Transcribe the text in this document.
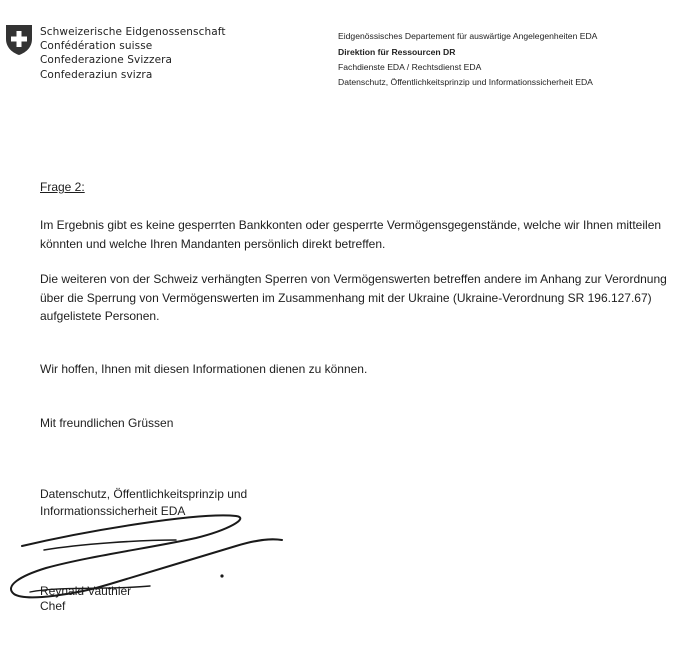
Schweizerische Eidgenossenschaft
Confédération suisse
Confederazione Svizzera
Confederaziun svizra
Eidgenössisches Departement für auswärtige Angelegenheiten EDA
Direktion für Ressourcen DR
Fachdienste EDA / Rechtsdienst EDA
Datenschutz, Öffentlichkeitsprinzip und Informationssicherheit EDA
Frage 2:
Im Ergebnis gibt es keine gesperrten Bankkonten oder gesperrte Vermögensgegenstände, welche wir Ihnen mitteilen könnten und welche Ihren Mandanten persönlich direkt betreffen.
Die weiteren von der Schweiz verhängten Sperren von Vermögenswerten betreffen andere im Anhang zur Verordnung über die Sperrung von Vermögenswerten im Zusammenhang mit der Ukraine (Ukraine-Verordnung SR 196.127.67) aufgelistete Personen.
Wir hoffen, Ihnen mit diesen Informationen dienen zu können.
Mit freundlichen Grüssen
Datenschutz, Öffentlichkeitsprinzip und
Informationssicherheit EDA
Reynald Vauthier
Chef
